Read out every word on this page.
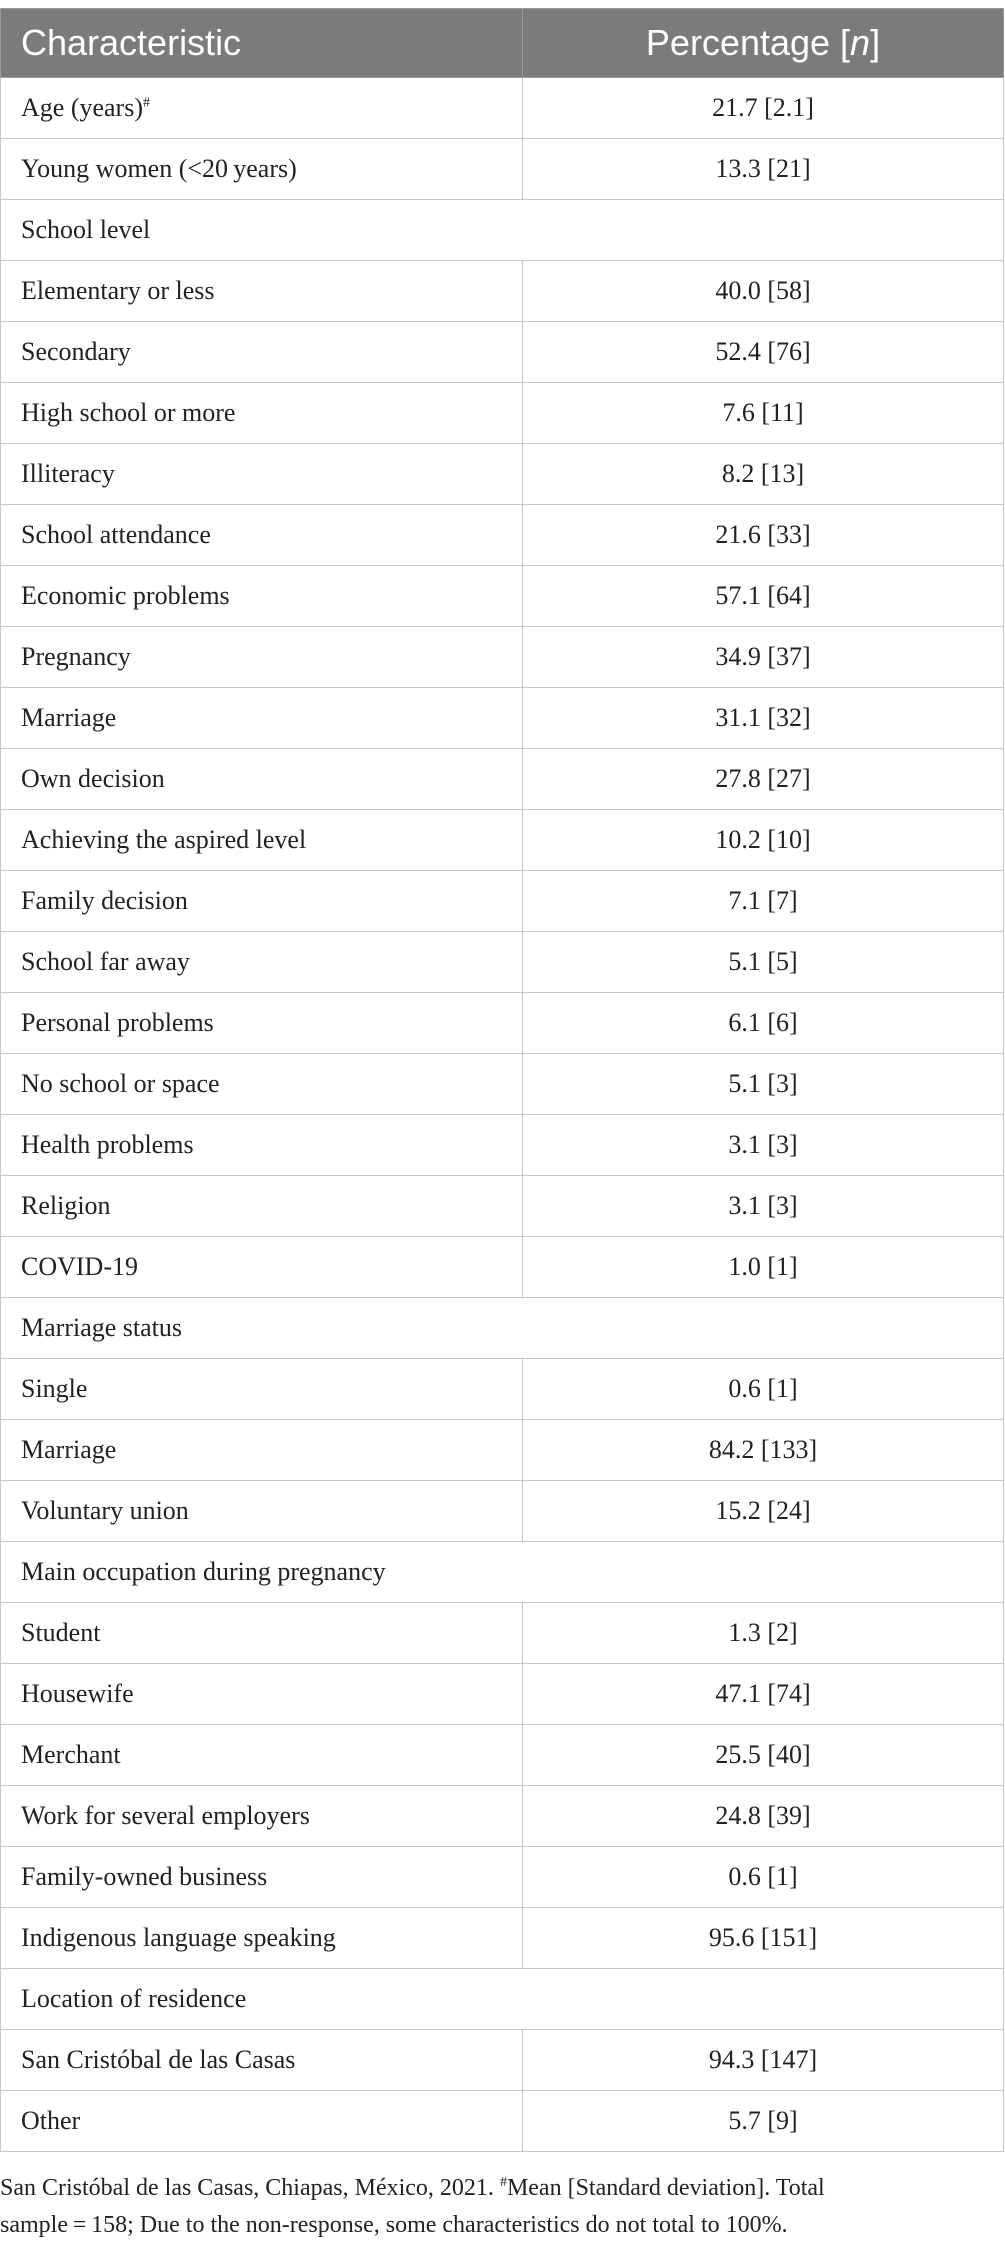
Characteristic	Percentage [n]
Age (years)#	21.7 [2.1]
Young women (<20 years)	13.3 [21]
School level	
Elementary or less	40.0 [58]
Secondary	52.4 [76]
High school or more	7.6 [11]
Illiteracy	8.2 [13]
School attendance	21.6 [33]
Economic problems	57.1 [64]
Pregnancy	34.9 [37]
Marriage	31.1 [32]
Own decision	27.8 [27]
Achieving the aspired level	10.2 [10]
Family decision	7.1 [7]
School far away	5.1 [5]
Personal problems	6.1 [6]
No school or space	5.1 [3]
Health problems	3.1 [3]
Religion	3.1 [3]
COVID-19	1.0 [1]
Marriage status	
Single	0.6 [1]
Marriage	84.2 [133]
Voluntary union	15.2 [24]
Main occupation during pregnancy	
Student	1.3 [2]
Housewife	47.1 [74]
Merchant	25.5 [40]
Work for several employers	24.8 [39]
Family-owned business	0.6 [1]
Indigenous language speaking	95.6 [151]
Location of residence	
San Cristóbal de las Casas	94.3 [147]
Other	5.7 [9]
San Cristóbal de las Casas, Chiapas, México, 2021. #Mean [Standard deviation]. Total
sample = 158; Due to the non-response, some characteristics do not total to 100%.
